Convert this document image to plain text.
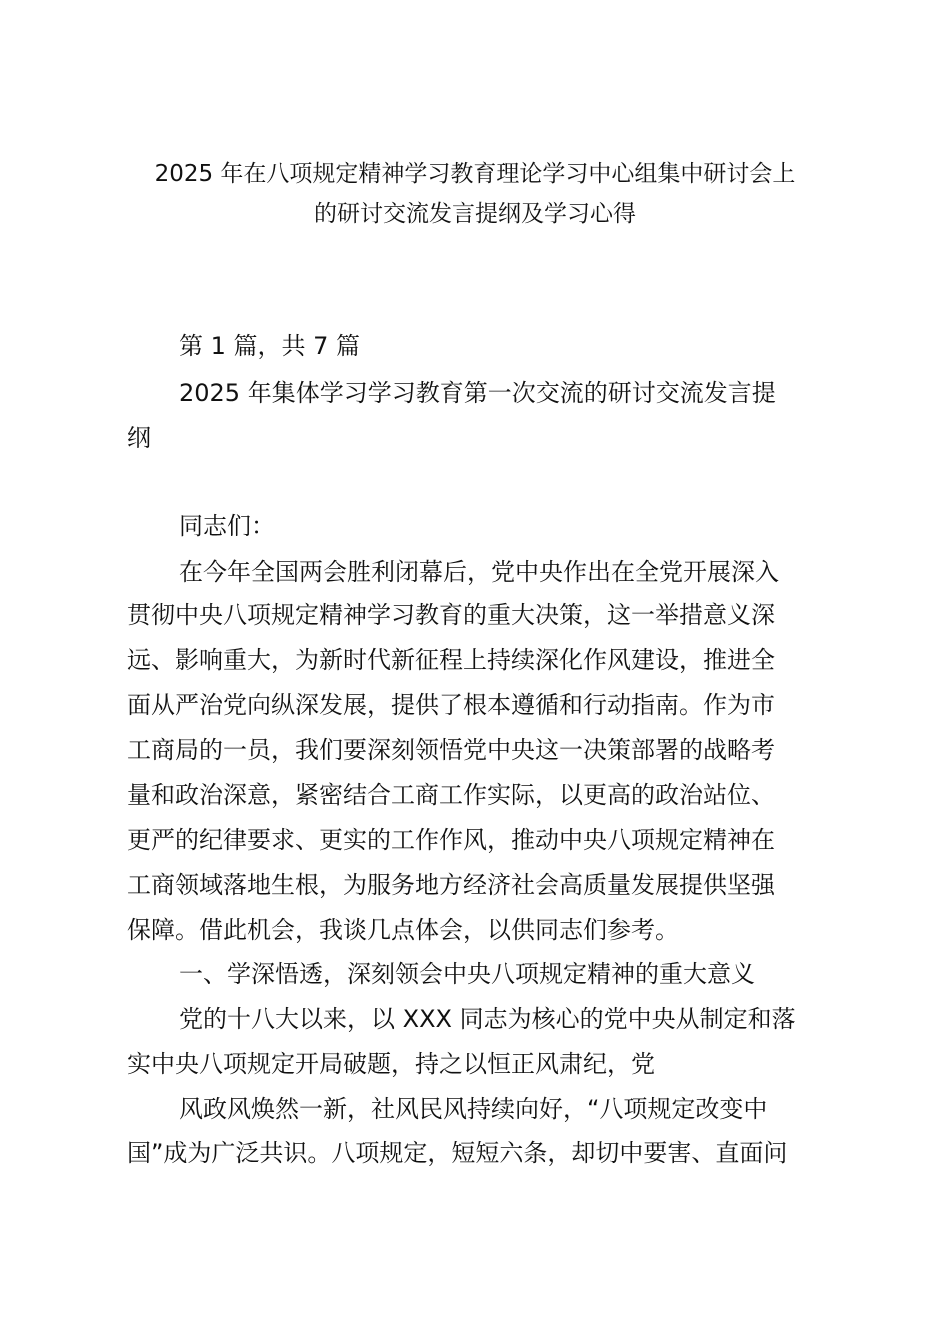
2025 年在八项规定精神学习教育理论学习中心组集中研讨会上
的研讨交流发言提纲及学习心得
第 1 篇，共 7 篇
2025 年集体学习学习教育第一次交流的研讨交流发言提
纲
同志们：
在今年全国两会胜利闭幕后，党中央作出在全党开展深入
贯彻中央八项规定精神学习教育的重大决策，这一举措意义深
远、影响重大，为新时代新征程上持续深化作风建设，推进全
面从严治党向纵深发展，提供了根本遵循和行动指南。作为市
工商局的一员，我们要深刻领悟党中央这一决策部署的战略考
量和政治深意，紧密结合工商工作实际，以更高的政治站位、
更严的纪律要求、更实的工作作风，推动中央八项规定精神在
工商领域落地生根，为服务地方经济社会高质量发展提供坚强
保障。借此机会，我谈几点体会，以供同志们参考。
一、学深悟透，深刻领会中央八项规定精神的重大意义
党的十八大以来，以 XXX 同志为核心的党中央从制定和落
实中央八项规定开局破题，持之以恒正风肃纪，党
风政风焕然一新，社风民风持续向好，“八项规定改变中
国”成为广泛共识。八项规定，短短六条，却切中要害、直面问
